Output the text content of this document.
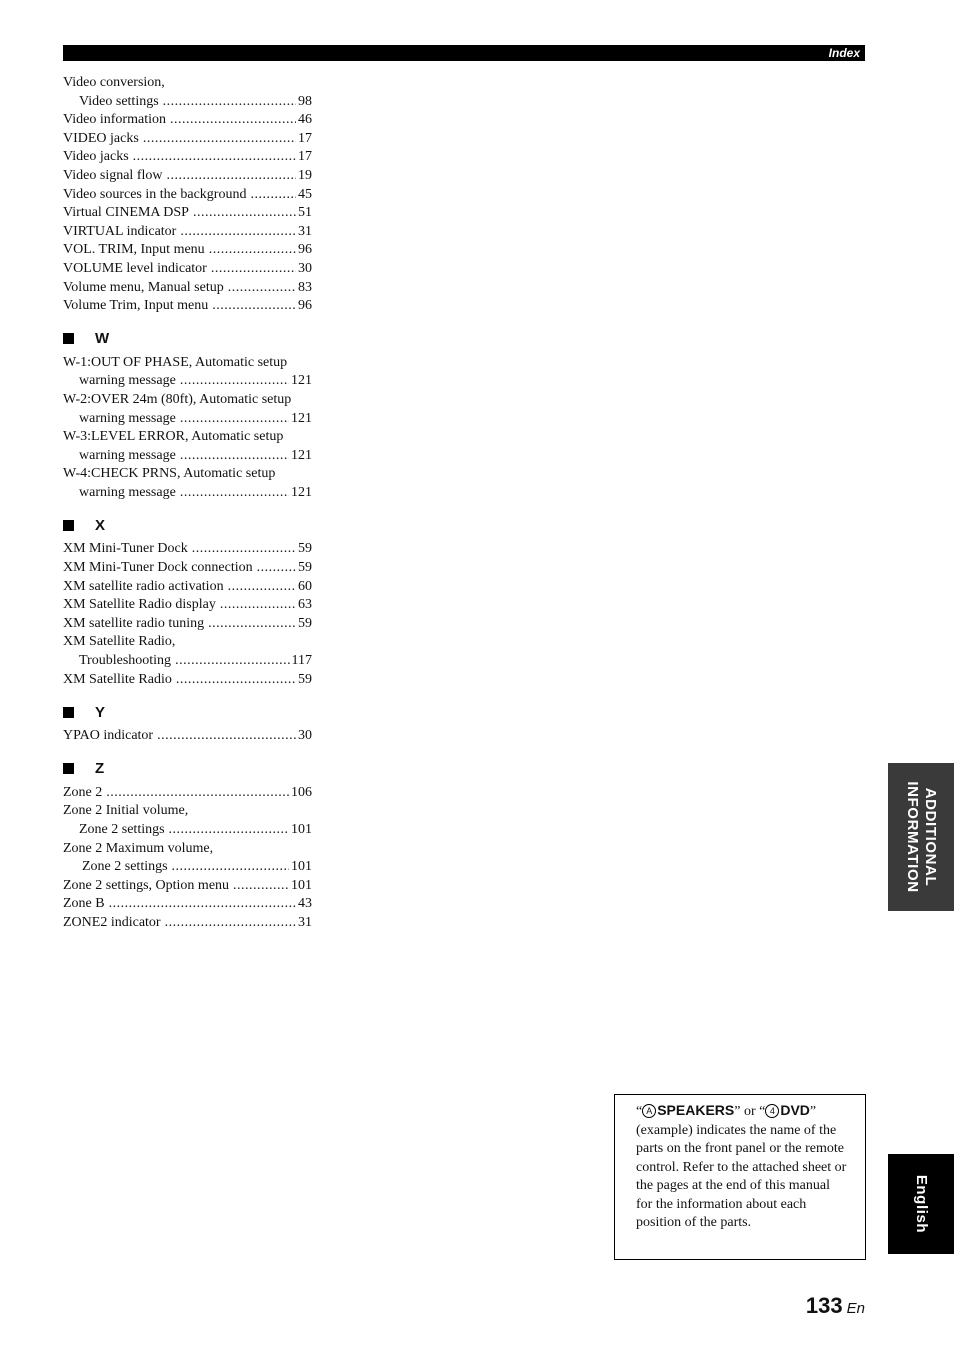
Index
Video conversion,
Video settings .....	98
Video information .....	46
VIDEO jacks .....	17
Video jacks .....	17
Video signal flow .....	19
Video sources in the background .....	45
Virtual CINEMA DSP .....	51
VIRTUAL indicator .....	31
VOL. TRIM, Input menu .....	96
VOLUME level indicator .....	30
Volume menu, Manual setup .....	83
Volume Trim, Input menu .....	96
W
W-1:OUT OF PHASE, Automatic setup
warning message .....	121
W-2:OVER 24m (80ft), Automatic setup
warning message .....	121
W-3:LEVEL ERROR, Automatic setup
warning message .....	121
W-4:CHECK PRNS, Automatic setup
warning message .....	121
X
XM Mini-Tuner Dock .....	59
XM Mini-Tuner Dock connection .....	59
XM satellite radio activation .....	60
XM Satellite Radio display .....	63
XM satellite radio tuning .....	59
XM Satellite Radio,
Troubleshooting .....	117
XM Satellite Radio .....	59
Y
YPAO indicator .....	30
Z
Zone 2 .....	106
Zone 2 Initial volume,
Zone 2 settings .....	101
Zone 2 Maximum volume,
Zone 2 settings .....	101
Zone 2 settings, Option menu .....	101
Zone B .....	43
ZONE2 indicator .....	31
ADDITIONAL
INFORMATION
English
“ A SPEAKERS” or “ 4 DVD” (example) indicates the name of the parts on the front panel or the remote control. Refer to the attached sheet or the pages at the end of this manual for the information about each position of the parts.
133 En
